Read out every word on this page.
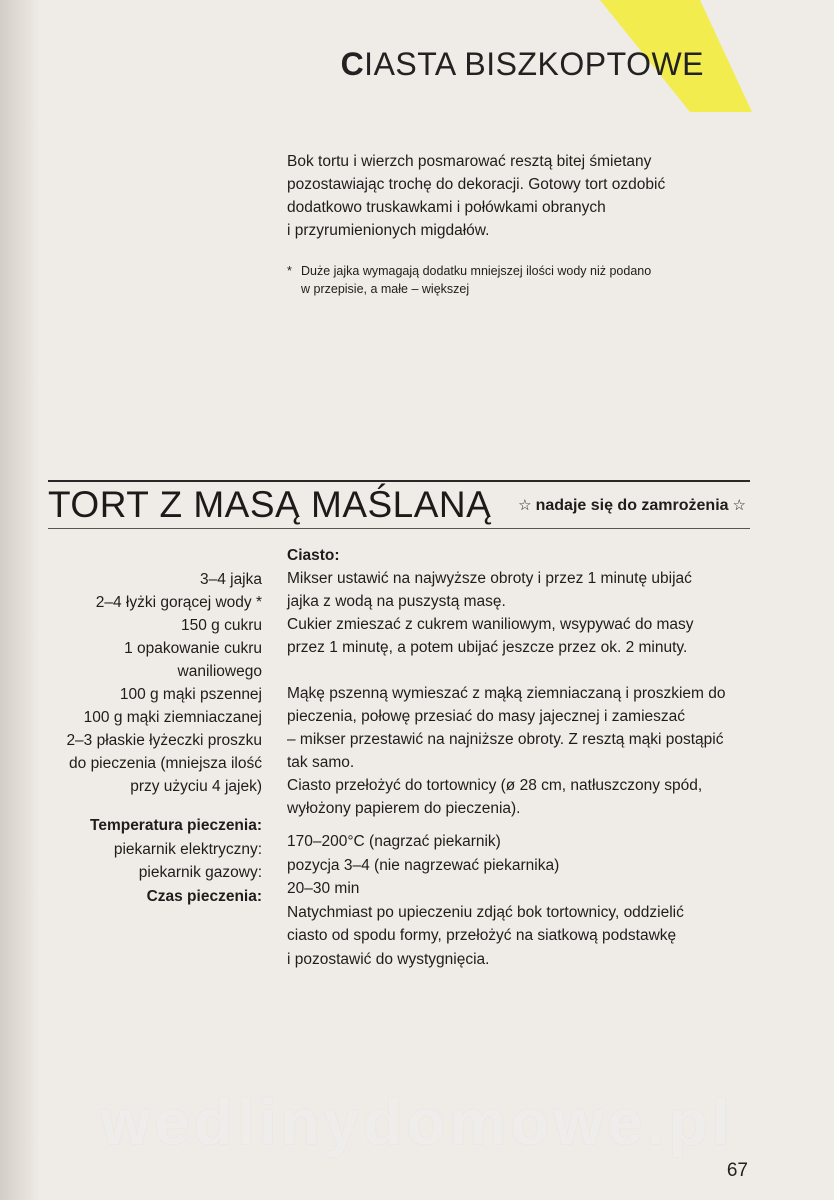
CIASTA BISZKOPTOWE
Bok tortu i wierzch posmarować resztą bitej śmietany
pozostawiając trochę do dekoracji. Gotowy tort ozdobić
dodatkowo truskawkami i połówkami obranych
i przyrumienionych migdałów.
* Duże jajka wymagają dodatku mniejszej ilości wody niż podano
w przepisie, a małe – większej
TORT Z MASĄ MAŚLANĄ ☆ nadaje się do zamrożenia ☆
3–4 jajka
2–4 łyżki gorącej wody *
150 g cukru
1 opakowanie cukru
waniliowego
100 g mąki pszennej
100 g mąki ziemniaczanej
2–3 płaskie łyżeczki proszku
do pieczenia (mniejsza ilość
przy użyciu 4 jajek)
Temperatura pieczenia:
piekarnik elektryczny:
piekarnik gazowy:
Czas pieczenia:
Ciasto:
Mikser ustawić na najwyższe obroty i przez 1 minutę ubijać
jajka z wodą na puszystą masę.
Cukier zmieszać z cukrem waniliowym, wsypywać do masy
przez 1 minutę, a potem ubijać jeszcze przez ok. 2 minuty.
Mąkę pszenną wymieszać z mąką ziemniaczaną i proszkiem do
pieczenia, połowę przesiać do masy jajecznej i zamieszać
– mikser przestawić na najniższe obroty. Z resztą mąki postąpić
tak samo.
Ciasto przełożyć do tortownicy (ø 28 cm, natłuszczony spód,
wyłożony papierem do pieczenia).
170–200°C (nagrzać piekarnik)
pozycja 3–4 (nie nagrzewać piekarnika)
20–30 min
Natychmiast po upieczeniu zdjąć bok tortownicy, oddzielić
ciasto od spodu formy, przełożyć na siatkową podstawkę
i pozostawić do wystygnięcia.
wedlinydomowe.pl
67
